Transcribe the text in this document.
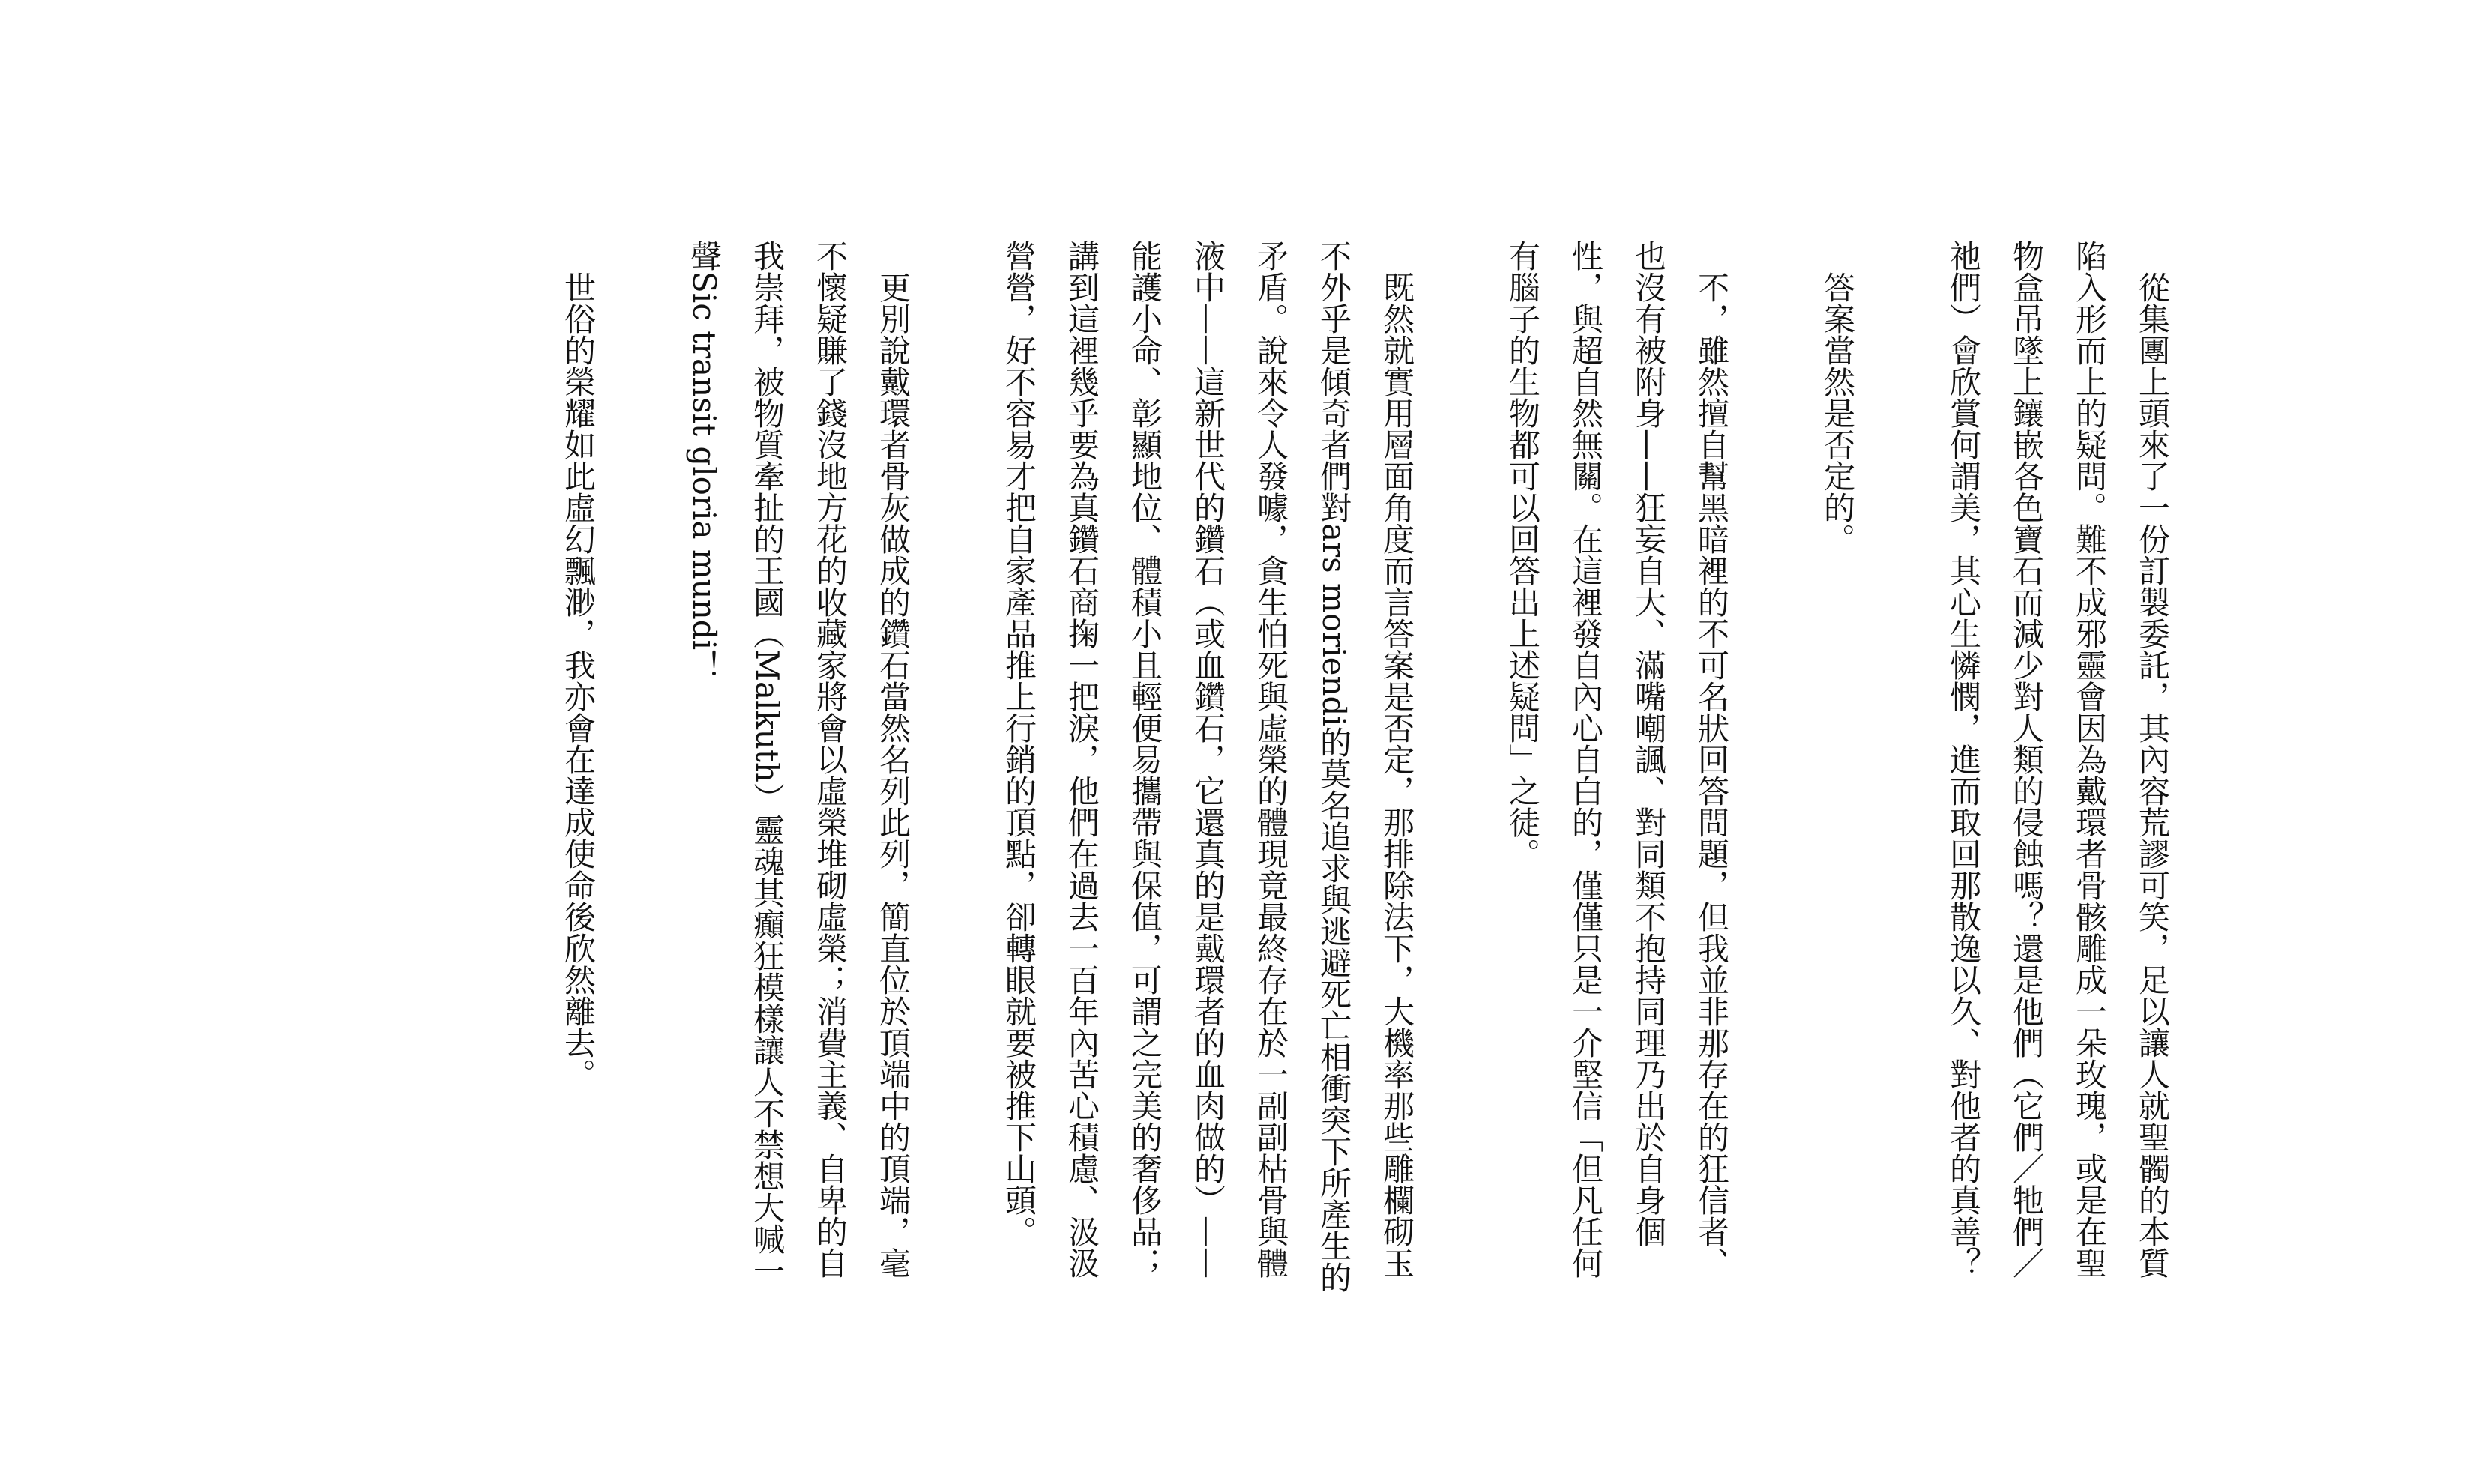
從集團上頭來了一份訂製委託，其內容荒謬可笑，足以讓人就聖髑的本質陷入形而上的疑問。難不成邪靈會因為戴環者骨骸雕成一朵玫瑰，或是在聖物盒吊墜上鑲嵌各色寶石而減少對人類的侵蝕嗎？還是他們（它們／牠們／祂們）會欣賞何謂美，其心生憐憫，進而取回那散逸以久、對他者的真善？

答案當然是否定的。

不，雖然擅自幫黑暗裡的不可名狀回答問題，但我並非那存在的狂信者、也沒有被附身——狂妄自大、滿嘴嘲諷、對同類不抱持同理乃出於自身個性，與超自然無關。在這裡發自內心自白的，僅僅只是一介堅信「但凡任何有腦子的生物都可以回答出上述疑問」之徒。

既然就實用層面角度而言答案是否定，那排除法下，大機率那些雕欄砌玉不外乎是傾奇者們對ars moriendi的莫名追求與逃避死亡相衝突下所產生的矛盾。說來令人發噱，貪生怕死與虛榮的體現竟最終存在於一副副枯骨與體液中——這新世代的鑽石（或血鑽石，它還真的是戴環者的血肉做的）——能護小命、彰顯地位、體積小且輕便易攜帶與保值，可謂之完美的奢侈品；講到這裡幾乎要為真鑽石商掬一把淚，他們在過去一百年內苦心積慮、汲汲營營，好不容易才把自家產品推上行銷的頂點，卻轉眼就要被推下山頭。

更別說戴環者骨灰做成的鑽石當然名列此列，簡直位於頂端中的頂端，毫不懷疑賺了錢沒地方花的收藏家將會以虛榮堆砌虛榮；消費主義、自卑的自我崇拜，被物質牽扯的王國（Malkuth）靈魂其癲狂模樣讓人不禁想大喊一聲Sic transit gloria mundi！

世俗的榮耀如此虛幻飄渺，我亦會在達成使命後欣然離去。
